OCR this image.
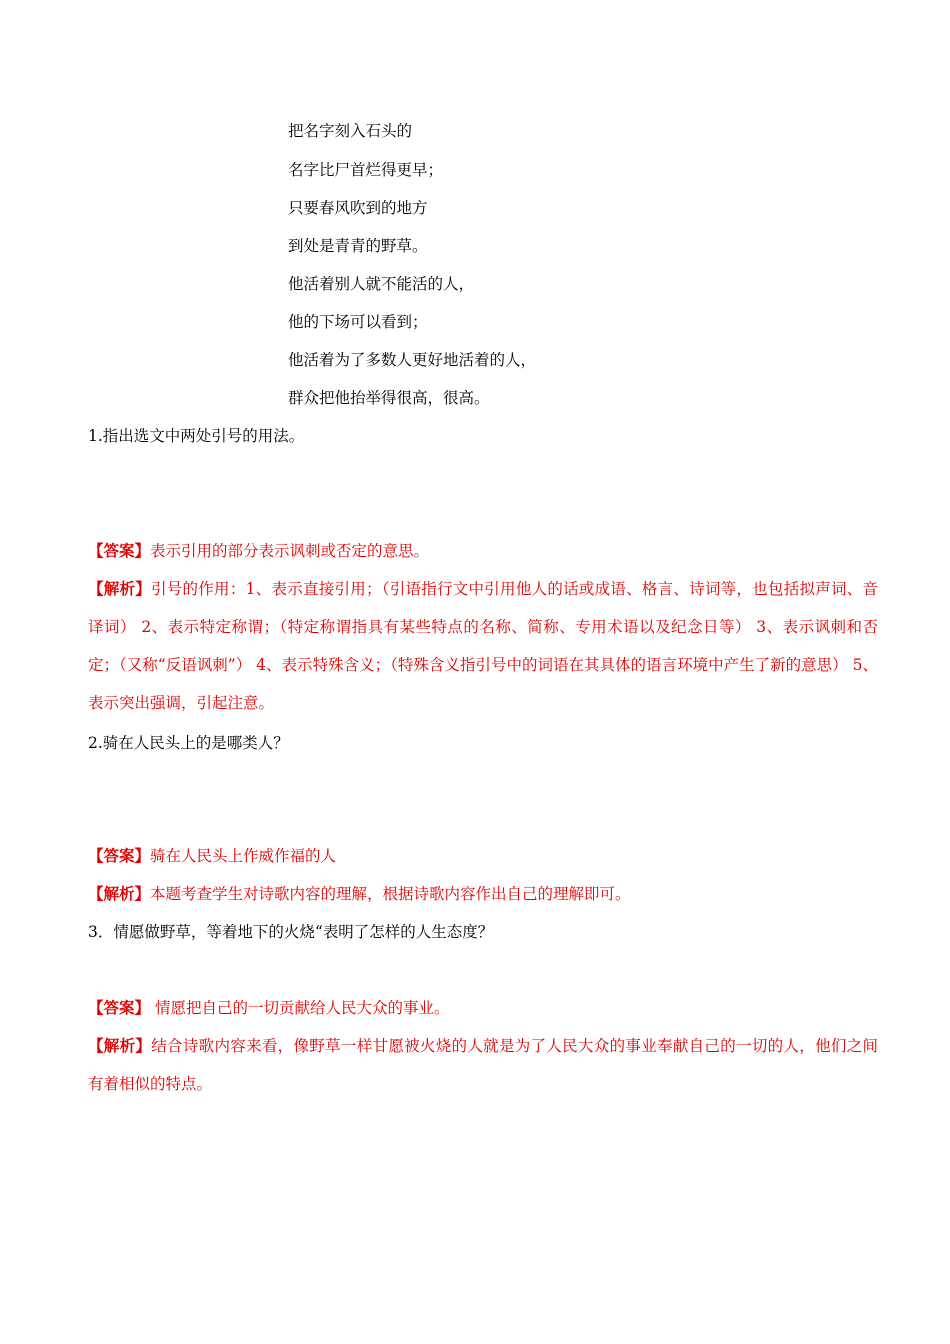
把名字刻入石头的
名字比尸首烂得更早；
只要春风吹到的地方
到处是青青的野草。
他活着别人就不能活的人，
他的下场可以看到；
他活着为了多数人更好地活着的人，
群众把他抬举得很高，很高。
1.指出选文中两处引号的用法。
【答案】表示引用的部分表示讽刺或否定的意思。
【解析】引号的作用：1、表示直接引用；（引语指行文中引用他人的话或成语、格言、诗词等，也包括拟声词、音译词） 2、表示特定称谓；（特定称谓指具有某些特点的名称、简称、专用术语以及纪念日等） 3、表示讽刺和否定；（又称“反语讽刺”） 4、表示特殊含义；（特殊含义指引号中的词语在其具体的语言环境中产生了新的意思） 5、表示突出强调，引起注意。
2.骑在人民头上的是哪类人？
【答案】骑在人民头上作威作福的人
【解析】本题考查学生对诗歌内容的理解，根据诗歌内容作出自己的理解即可。
3．情愿做野草，等着地下的火烧“表明了怎样的人生态度？
【答案】 情愿把自己的一切贡献给人民大众的事业。
【解析】结合诗歌内容来看，像野草一样甘愿被火烧的人就是为了人民大众的事业奉献自己的一切的人，他们之间有着相似的特点。
